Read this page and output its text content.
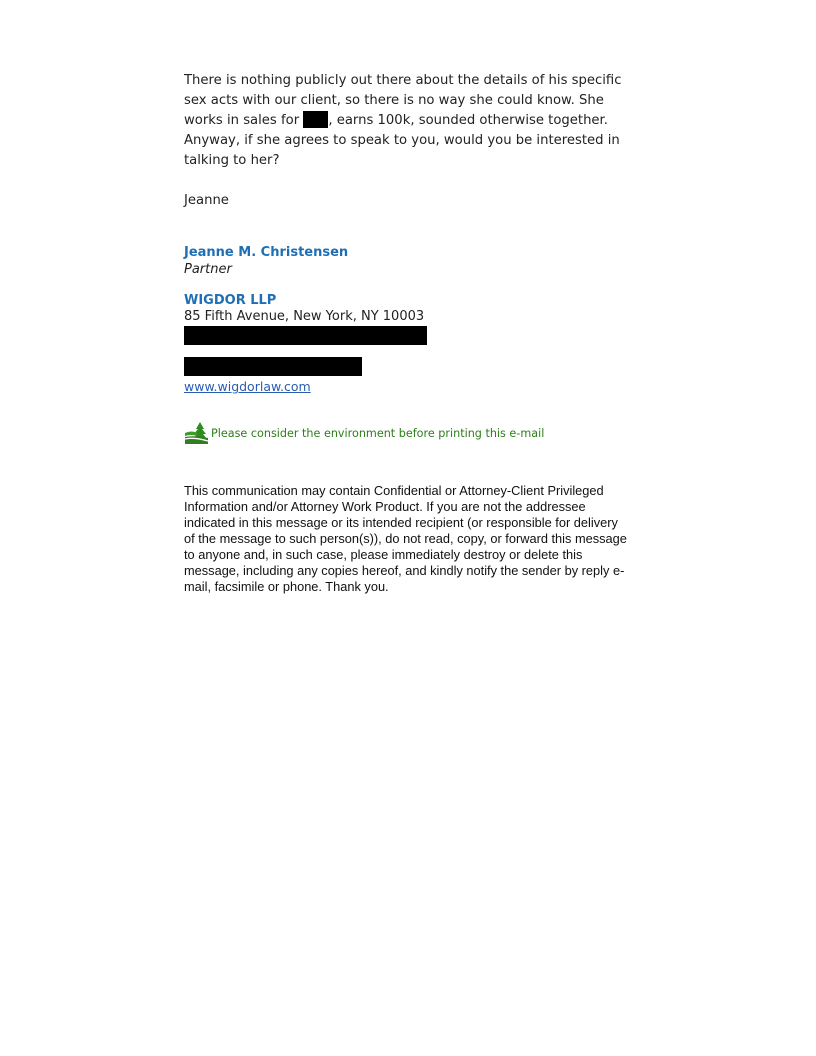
There is nothing publicly out there about the details of his specific sex acts with our client, so there is no way she could know. She works in sales for , earns 100k, sounded otherwise together.

Anyway, if she agrees to speak to you, would you be interested in talking to her?

Jeanne

Jeanne M. Christensen

Partner

WIGDOR LLP

85 Fifth Avenue, New York, NY 10003

www.wigdorlaw.com
Please consider the environment before printing this e-mail

This communication may contain Confidential or Attorney-Client Privileged Information and/or Attorney Work Product. If you are not the addressee indicated in this message or its intended recipient (or responsible for delivery of the message to such person(s)), do not read, copy, or forward this message to anyone and, in such case, please immediately destroy or delete this message, including any copies hereof, and kindly notify the sender by reply e-mail, facsimile or phone. Thank you.
